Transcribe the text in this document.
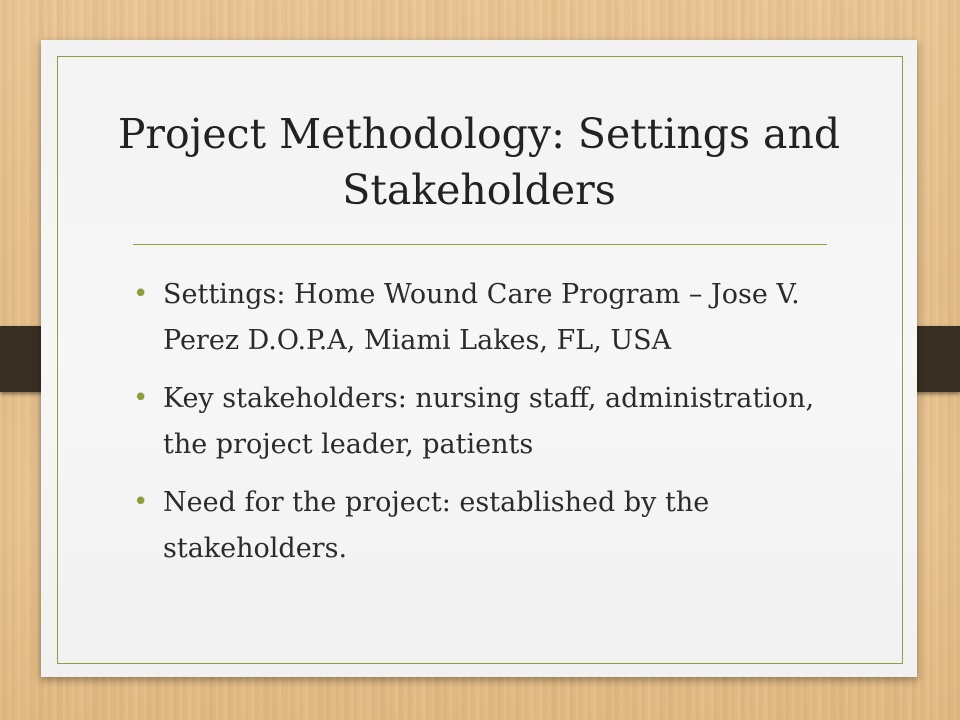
Project Methodology: Settings and Stakeholders
• Settings: Home Wound Care Program – Jose V. Perez D.O.P.A, Miami Lakes, FL, USA
• Key stakeholders: nursing staff, administration, the project leader, patients
• Need for the project: established by the stakeholders.
